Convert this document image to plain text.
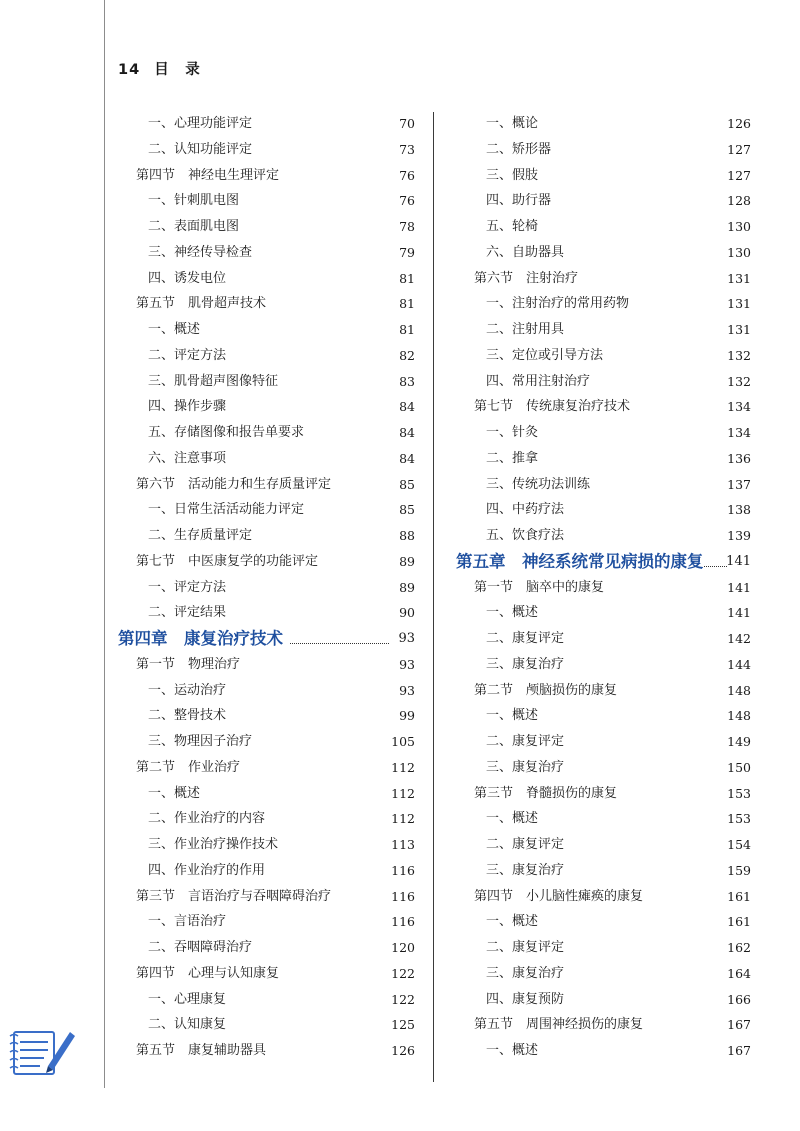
14 目　录
一、心理功能评定	70
二、认知功能评定	73
第四节　神经电生理评定	76
一、针刺肌电图	76
二、表面肌电图	78
三、神经传导检查	79
四、诱发电位	81
第五节　肌骨超声技术	81
一、概述	81
二、评定方法	82
三、肌骨超声图像特征	83
四、操作步骤	84
五、存储图像和报告单要求	84
六、注意事项	84
第六节　活动能力和生存质量评定	85
一、日常生活活动能力评定	85
二、生存质量评定	88
第七节　中医康复学的功能评定	89
一、评定方法	89
二、评定结果	90
第四章　康复治疗技术	93
第一节　物理治疗	93
一、运动治疗	93
二、整骨技术	99
三、物理因子治疗	105
第二节　作业治疗	112
一、概述	112
二、作业治疗的内容	112
三、作业治疗操作技术	113
四、作业治疗的作用	116
第三节　言语治疗与吞咽障碍治疗	116
一、言语治疗	116
二、吞咽障碍治疗	120
第四节　心理与认知康复	122
一、心理康复	122
二、认知康复	125
第五节　康复辅助器具	126
一、概论	126
二、矫形器	127
三、假肢	127
四、助行器	128
五、轮椅	130
六、自助器具	130
第六节　注射治疗	131
一、注射治疗的常用药物	131
二、注射用具	131
三、定位或引导方法	132
四、常用注射治疗	132
第七节　传统康复治疗技术	134
一、针灸	134
二、推拿	136
三、传统功法训练	137
四、中药疗法	138
五、饮食疗法	139
第五章　神经系统常见病损的康复 141
第一节　脑卒中的康复	141
一、概述	141
二、康复评定	142
三、康复治疗	144
第二节　颅脑损伤的康复	148
一、概述	148
二、康复评定	149
三、康复治疗	150
第三节　脊髓损伤的康复	153
一、概述	153
二、康复评定	154
三、康复治疗	159
第四节　小儿脑性瘫痪的康复	161
一、概述	161
二、康复评定	162
三、康复治疗	164
四、康复预防	166
第五节　周围神经损伤的康复	167
一、概述	167
